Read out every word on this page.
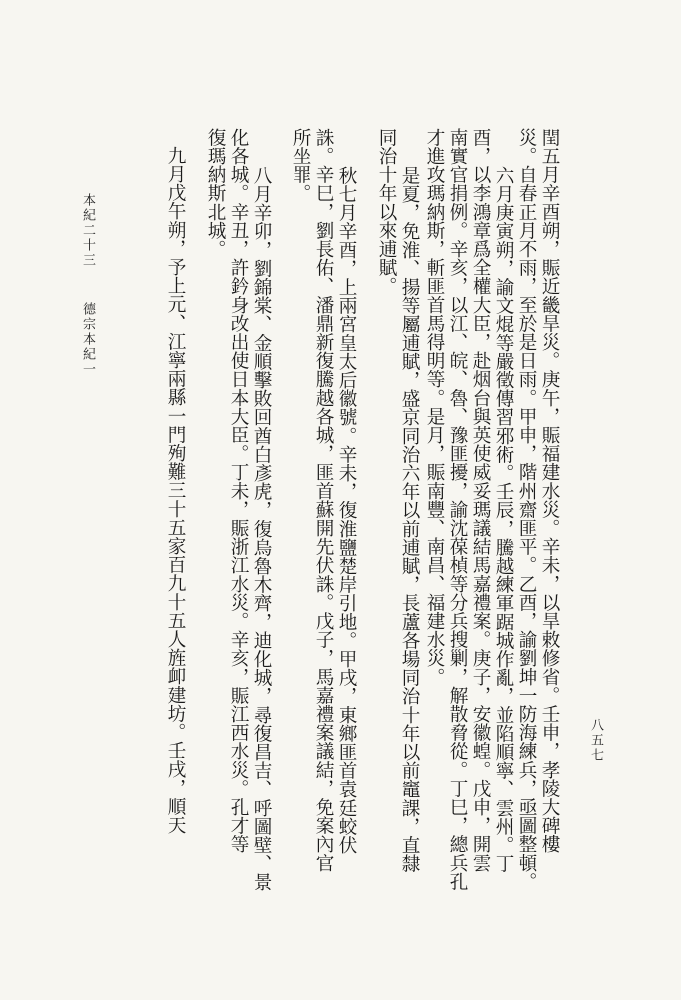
閏五月辛酉朔，賑近畿旱災。庚午，賑福建水災。辛未，以旱敕修省。壬申，孝陵大碑樓
災。自春正月不雨，至於是日雨。甲申，階州齋匪平。乙酉，諭劉坤一防海練兵，亟圖整頓。
六月庚寅朔，諭文焜等嚴徵傳習邪術。壬辰，騰越練軍踞城作亂，並陷順寧、雲州。丁
酉，以李鴻章爲全權大臣，赴烟台與英使威妥瑪議結馬嘉禮案。庚子，安徽蝗。戊申，開雲
南實官捐例。辛亥，以江、皖、魯、豫匪擾，諭沈葆楨等分兵搜剿，解散脅從。丁巳，總兵孔
才進攻瑪納斯，斬匪首馬得明等。是月，賑南豐、南昌、福建水災。
是夏，免淮、揚等屬逋賦，盛京同治六年以前逋賦，長蘆各場同治十年以前竈課，直隸
同治十年以來逋賦。
秋七月辛酉，上兩宮皇太后徽號。辛未，復淮鹽楚岸引地。甲戌，東鄉匪首袁廷蛟伏
誅。辛巳，劉長佑、潘鼎新復騰越各城，匪首蘇開先伏誅。戊子，馬嘉禮案議結，免案內官
所坐罪。
八月辛卯，劉錦棠、金順擊敗回酋白彥虎，復烏魯木齊，迪化城，尋復昌吉、呼圖壁、景
化各城。辛丑，許鈐身改出使日本大臣。丁未，賑浙江水災。辛亥，賑江西水災。孔才等
復瑪納斯北城。
九月戊午朔，予上元、江寧兩縣一門殉難三十五家百九十五人旌卹建坊。壬戌，順天
本紀二十三
德宗本紀一
八五七
